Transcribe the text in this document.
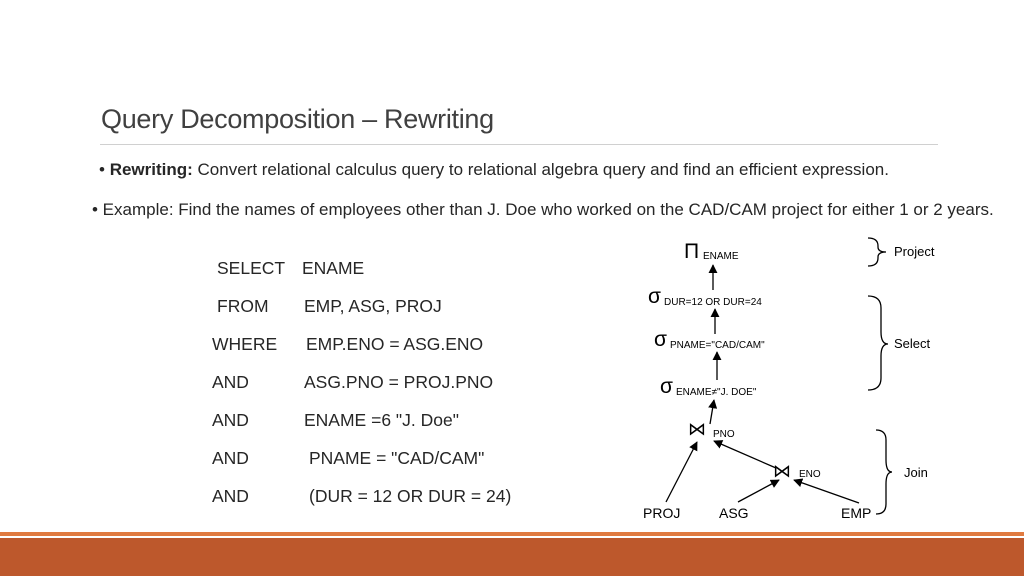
Query Decomposition – Rewriting
• Rewriting: Convert relational calculus query to relational algebra query and find an efficient expression.
• Example: Find the names of employees other than J. Doe who worked on the CAD/CAM project for either 1 or 2 years.
SELECT ENAME
FROM EMP, ASG, PROJ
WHERE EMP.ENO = ASG.ENO
AND	ASG.PNO = PROJ.PNO
AND	ENAME =6 "J. Doe"
AND	PNAME = "CAD/CAM"
AND	(DUR = 12 OR DUR = 24)
Π ENAME
σ DUR=12 OR DUR=24
σ PNAME="CAD/CAM"
σ ENAME≠"J. DOE"
⋈ PNO
⋈ ENO
PROJ	ASG	EMP
Project
Select
Join
